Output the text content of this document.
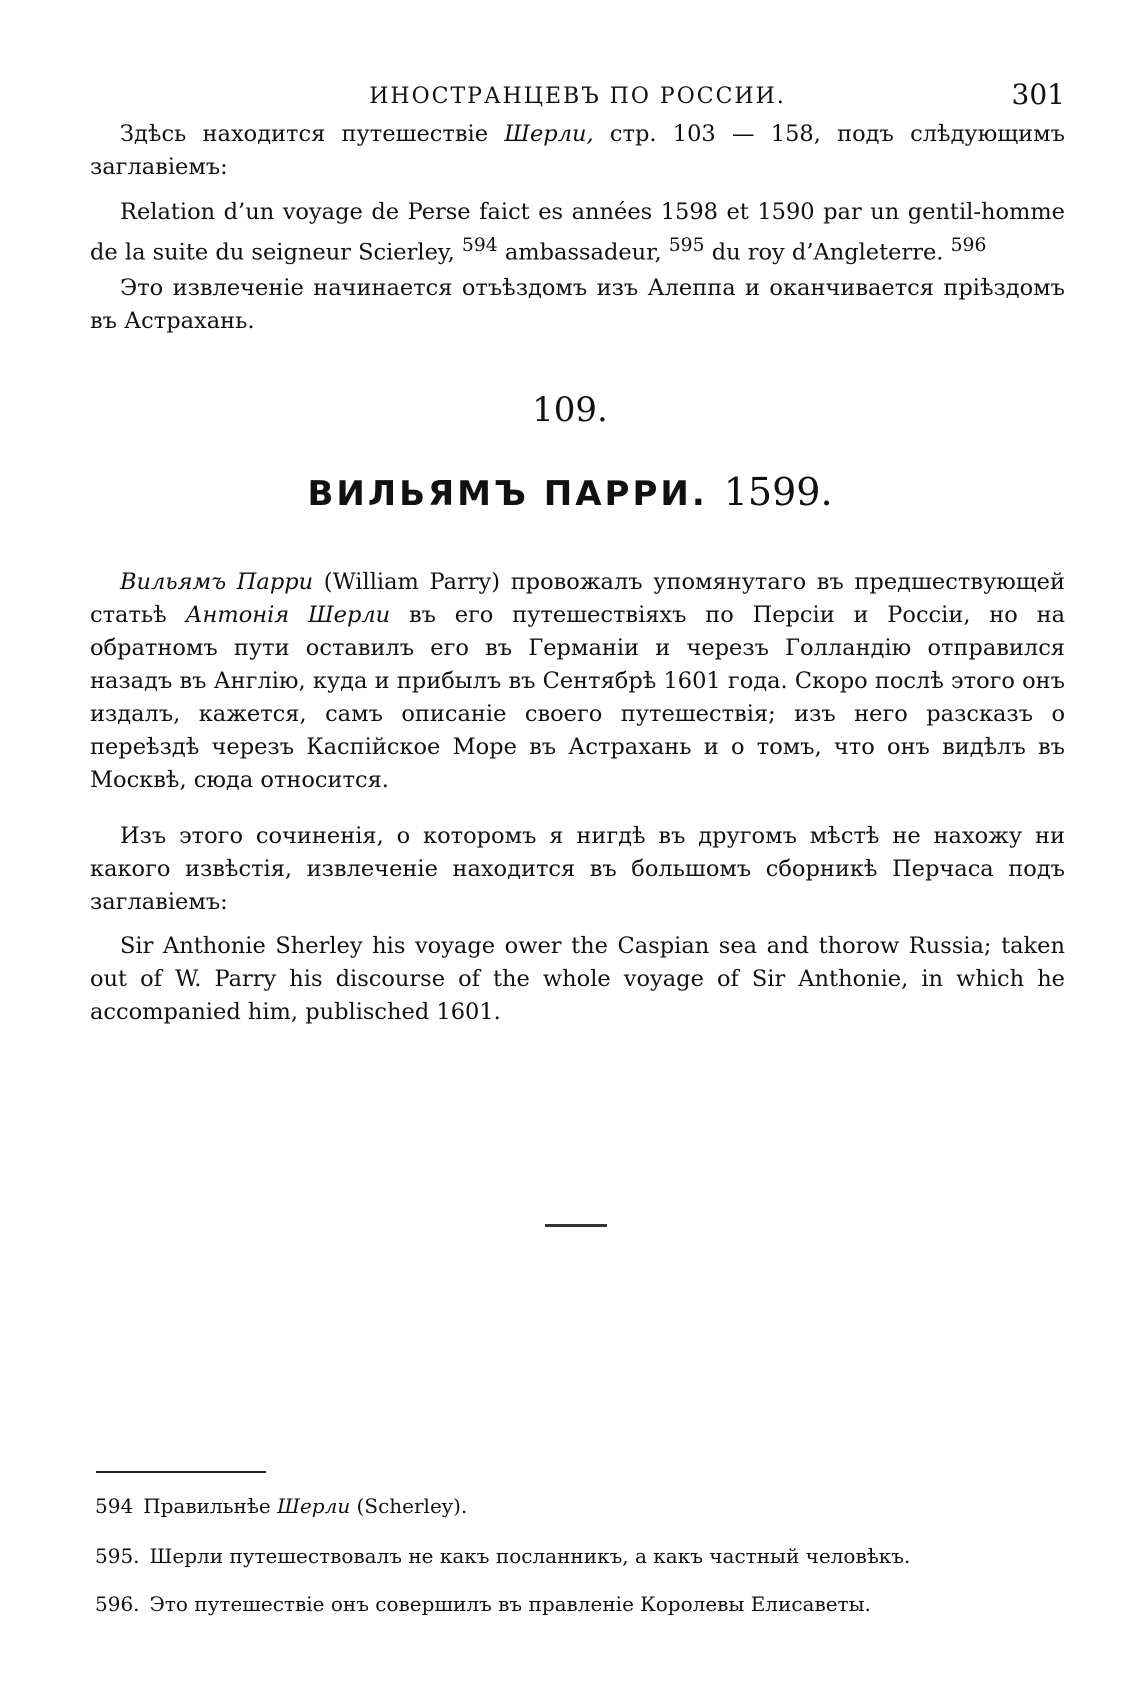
ИНОСТРАНЦЕВЪ ПО РОССИИ.	301

Здѣсь находится путешествіе Шерли, стр. 103 — 158, подъ слѣдующимъ заглавіемъ:

Relation d’un voyage de Perse faict es années 1598 et 1590 par un gentil-homme de la suite du seigneur Scierley, $^{594}$ ambassadeur, $^{595}$ du roy d’Angleterre. $^{596}$

Это извлеченіе начинается отъѣздомъ изъ Алеппа и оканчивается пріѣздомъ въ Астрахань.

109.
ВИЛЬЯМЪ ПАРРИ. 1599.

Вильямъ Парри (William Parry) провожалъ упомянутаго въ предшествующей статьѣ Антонія Шерли въ его путешествіяхъ по Персіи и Россіи, но на обратномъ пути оставилъ его въ Германіи и черезъ Голландію отправился назадъ въ Англію, куда и прибылъ въ Сентябрѣ 1601 года. Скоро послѣ этого онъ издалъ, кажется, самъ описаніе своего путешествія; изъ него разсказъ о переѣздѣ черезъ Каспійское Море въ Астрахань и о томъ, что онъ видѣлъ въ Москвѣ, сюда относится.

Изъ этого сочиненія, о которомъ я нигдѣ въ другомъ мѣстѣ не нахожу ни какого извѣстія, извлеченіе находится въ большомъ сборникѣ Перчаса подъ заглавіемъ:

Sir Anthonie Sherley his voyage ower the Caspian sea and thorow Russia; taken out of W. Parry his discourse of the whole voyage of Sir Anthonie, in which he accompanied him, publisched 1601.

594 Правильнѣе Шерли (Scherley).
595. Шерли путешествовалъ не какъ посланникъ, а какъ частный человѣкъ.
596. Это путешествіе онъ совершилъ въ правленіе Королевы Елисаветы.
